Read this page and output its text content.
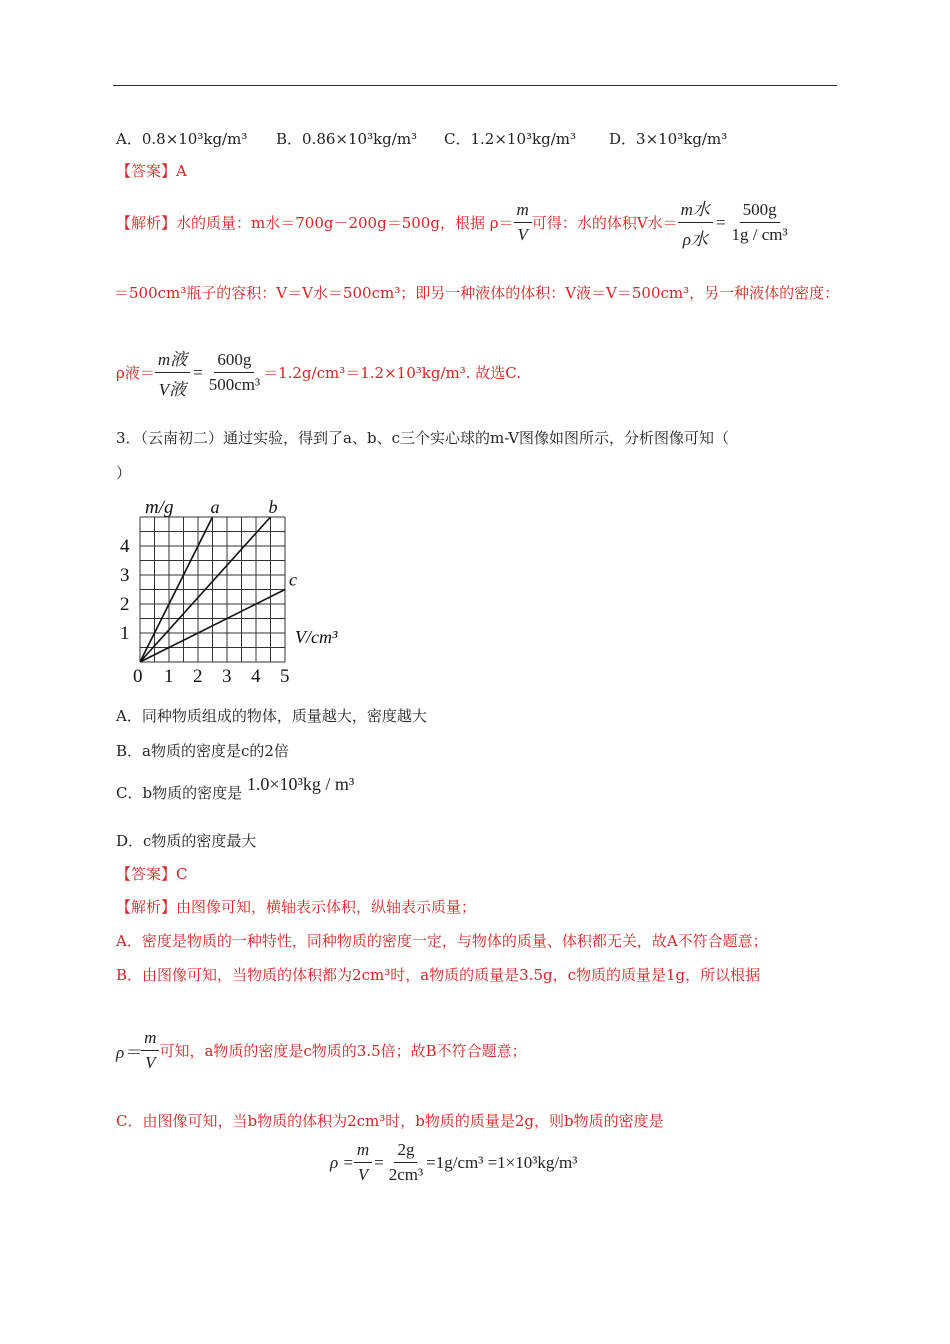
A．0.8×10³kg/m³ B．0.86×10³kg/m³ C．1.2×10³kg/m³ D．3×10³kg/m³
【答案】A
【解析】 水的质量：m水＝700g－200g＝500g，根据 $\rho= \frac{m}{V}$ 可得：水的体积V水＝ $\frac{\text{m水}}{\text{ρ水}} = \frac{500g}{\text{1g / cm³}}$
＝500cm³瓶子的容积：V＝V水＝500cm³；即另一种液体的体积：V液＝V＝500cm³，另一种液体的密度：
ρ液＝ $\frac{\text{m液}}{\text{V液}} = \frac{600g}{\text{500cm³}} =1.2g/cm^3=1.2\times 10^3kg/m^3$. 故选C.
3．（云南初二）通过实验，得到了a、b、c三个实心球的m-V图像如图所示，分析图像可知（
）
a	b
c
0 1 2 3 4 5
1
2
3
4
m/g
V/cm³
A．同种物质组成的物体，质量越大，密度越大
B．a物质的密度是c的2倍
C．b物质的密度是 1.0×10³kg / m³
D．c物质的密度最大
【答案】C
【解析】由图像可知，横轴表示体积，纵轴表示质量；
A．密度是物质的一种特性，同种物质的密度一定，与物体的质量、体积都无关，故A不符合题意；
B．由图像可知，当物质的体积都为2cm³时，a物质的质量是3.5g，c物质的质量是1g，所以根据
$\rho= \frac{m}{V}$ 可知，a物质的密度是c物质的3.5倍；故B不符合题意；
C．由图像可知，当b物质的体积为2cm³时，b物质的质量是2g，则b物质的密度是
$\rho = \frac{m}{V} = \frac{2g}{\text{2cm³}} =1g/cm^3 =1\times 10^3kg/m^3$
